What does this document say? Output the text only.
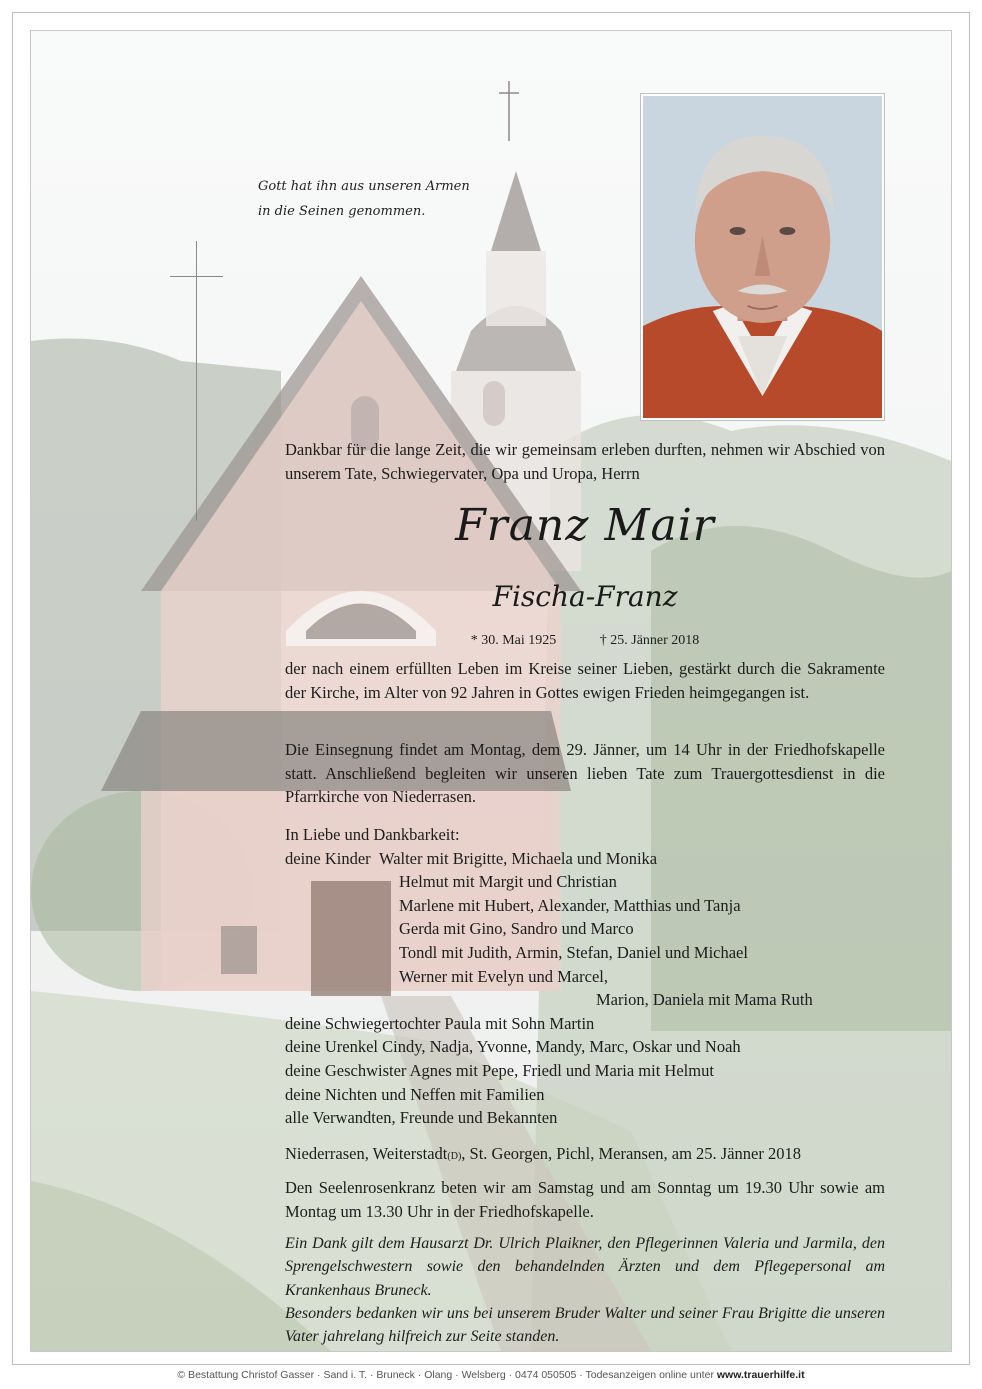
Gott hat ihn aus unseren Armen
in die Seinen genommen.

Dankbar für die lange Zeit, die wir gemeinsam erleben durften, nehmen wir Abschied von unserem Tate, Schwiegervater, Opa und Uropa, Herrn

Franz Mair
Fischa-Franz
* 30. Mai 1925	† 25. Jänner 2018

der nach einem erfüllten Leben im Kreise seiner Lieben, gestärkt durch die Sakramente der Kirche, im Alter von 92 Jahren in Gottes ewigen Frieden heimgegangen ist.

Die Einsegnung findet am Montag, dem 29. Jänner, um 14 Uhr in der Friedhofskapelle statt. Anschließend begleiten wir unseren lieben Tate zum Trauergottesdienst in die Pfarrkirche von Niederrasen.

In Liebe und Dankbarkeit:
deine Kinder Walter mit Brigitte, Michaela und Monika
Helmut mit Margit und Christian
Marlene mit Hubert, Alexander, Matthias und Tanja
Gerda mit Gino, Sandro und Marco
Tondl mit Judith, Armin, Stefan, Daniel und Michael
Werner mit Evelyn und Marcel,
Marion, Daniela mit Mama Ruth
deine Schwiegertochter Paula mit Sohn Martin
deine Urenkel Cindy, Nadja, Yvonne, Mandy, Marc, Oskar und Noah
deine Geschwister Agnes mit Pepe, Friedl und Maria mit Helmut
deine Nichten und Neffen mit Familien
alle Verwandten, Freunde und Bekannten

Niederrasen, Weiterstadt(D), St. Georgen, Pichl, Meransen, am 25. Jänner 2018

Den Seelenrosenkranz beten wir am Samstag und am Sonntag um 19.30 Uhr sowie am Montag um 13.30 Uhr in der Friedhofskapelle.

Ein Dank gilt dem Hausarzt Dr. Ulrich Plaikner, den Pflegerinnen Valeria und Jarmila, den Sprengelschwestern sowie den behandelnden Ärzten und dem Pflegepersonal am Krankenhaus Bruneck.

Besonders bedanken wir uns bei unserem Bruder Walter und seiner Frau Brigitte die unseren Vater jahrelang hilfreich zur Seite standen.

© Bestattung Christof Gasser · Sand i. T. · Bruneck · Olang · Welsberg · 0474 050505 · Todesanzeigen online unter www.trauerhilfe.it
